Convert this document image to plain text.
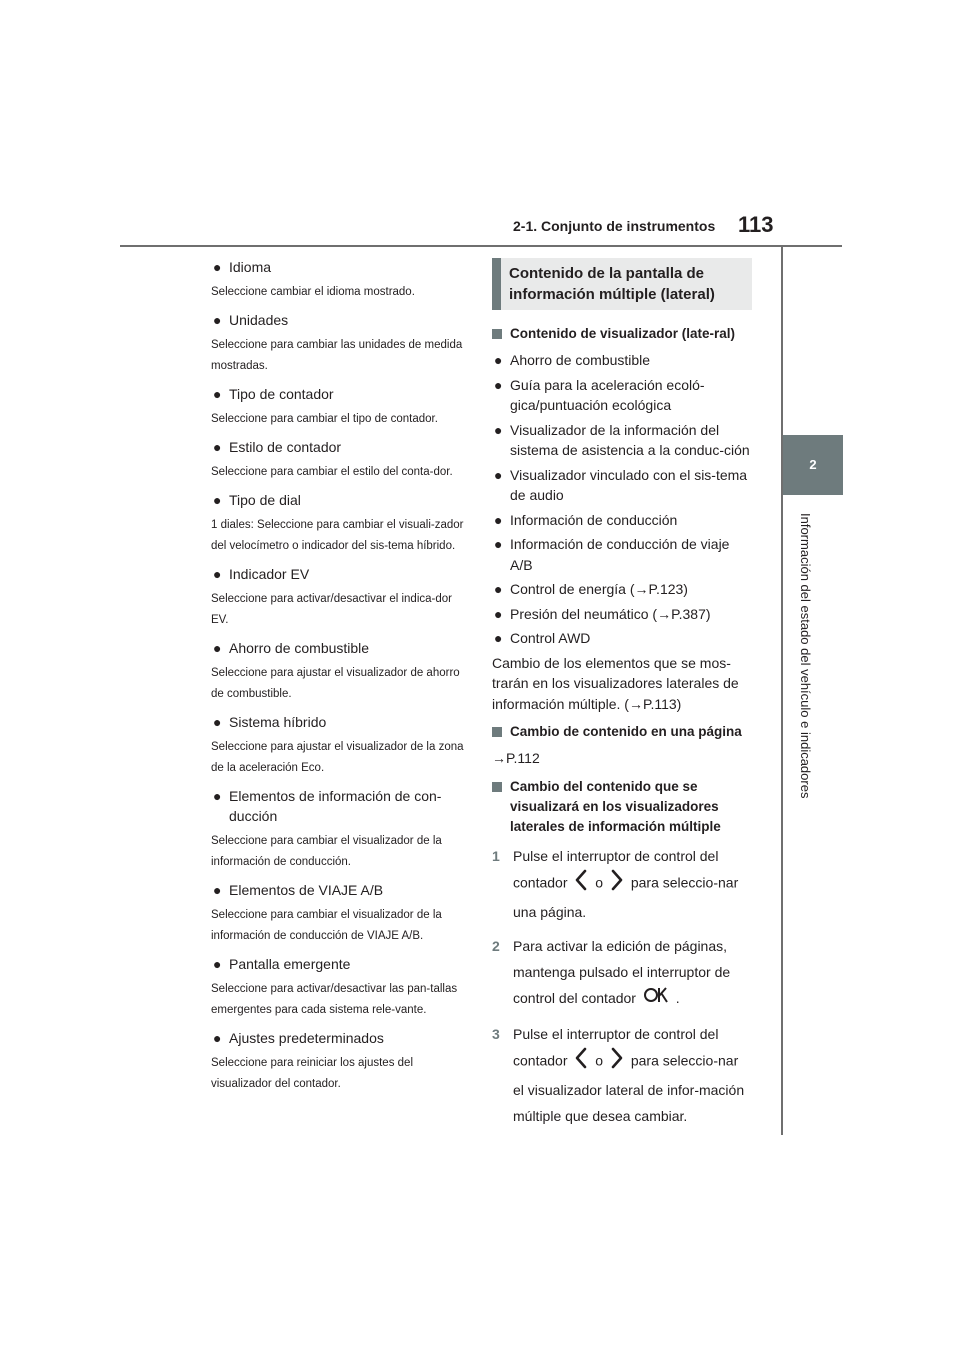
2-1. Conjunto de instrumentos 113
2
Información del estado del vehículo e indicadores

● Idioma

Seleccione cambiar el idioma mostrado.

● Unidades

Seleccione para cambiar las unidades de medida mostradas.

● Tipo de contador

Seleccione para cambiar el tipo de contador.

● Estilo de contador

Seleccione para cambiar el estilo del conta-dor.

● Tipo de dial

1 diales: Seleccione para cambiar el visuali-zador del velocímetro o indicador del sis-tema híbrido.

● Indicador EV

Seleccione para activar/desactivar el indica-dor EV.

● Ahorro de combustible

Seleccione para ajustar el visualizador de ahorro de combustible.

● Sistema híbrido

Seleccione para ajustar el visualizador de la zona de la aceleración Eco.

● Elementos de información de con-ducción

Seleccione para cambiar el visualizador de la información de conducción.

● Elementos de VIAJE A/B

Seleccione para cambiar el visualizador de la información de conducción de VIAJE A/B.

● Pantalla emergente

Seleccione para activar/desactivar las pan-tallas emergentes para cada sistema rele-vante.

● Ajustes predeterminados

Seleccione para reiniciar los ajustes del visualizador del contador.

Contenido de la pantalla de información múltiple (lateral)

Contenido de visualizador (late-ral)

● Ahorro de combustible

● Guía para la aceleración ecoló-gica/puntuación ecológica

● Visualizador de la información del sistema de asistencia a la conduc-ción

● Visualizador vinculado con el sis-tema de audio

● Información de conducción

● Información de conducción de viaje A/B

● Control de energía (→P.123)

● Presión del neumático (→P.387)

● Control AWD

Cambio de los elementos que se mos-trarán en los visualizadores laterales de información múltiple. (→P.113)

Cambio de contenido en una página

→P.112

Cambio del contenido que se visualizará en los visualizadores laterales de información múltiple

1 Pulse el interruptor de control del contador o para seleccio-nar una página.

2 Para activar la edición de páginas, mantenga pulsado el interruptor de control del contador	.

3 Pulse el interruptor de control del contador o para seleccio-nar el visualizador lateral de infor-mación múltiple que desea cambiar.
